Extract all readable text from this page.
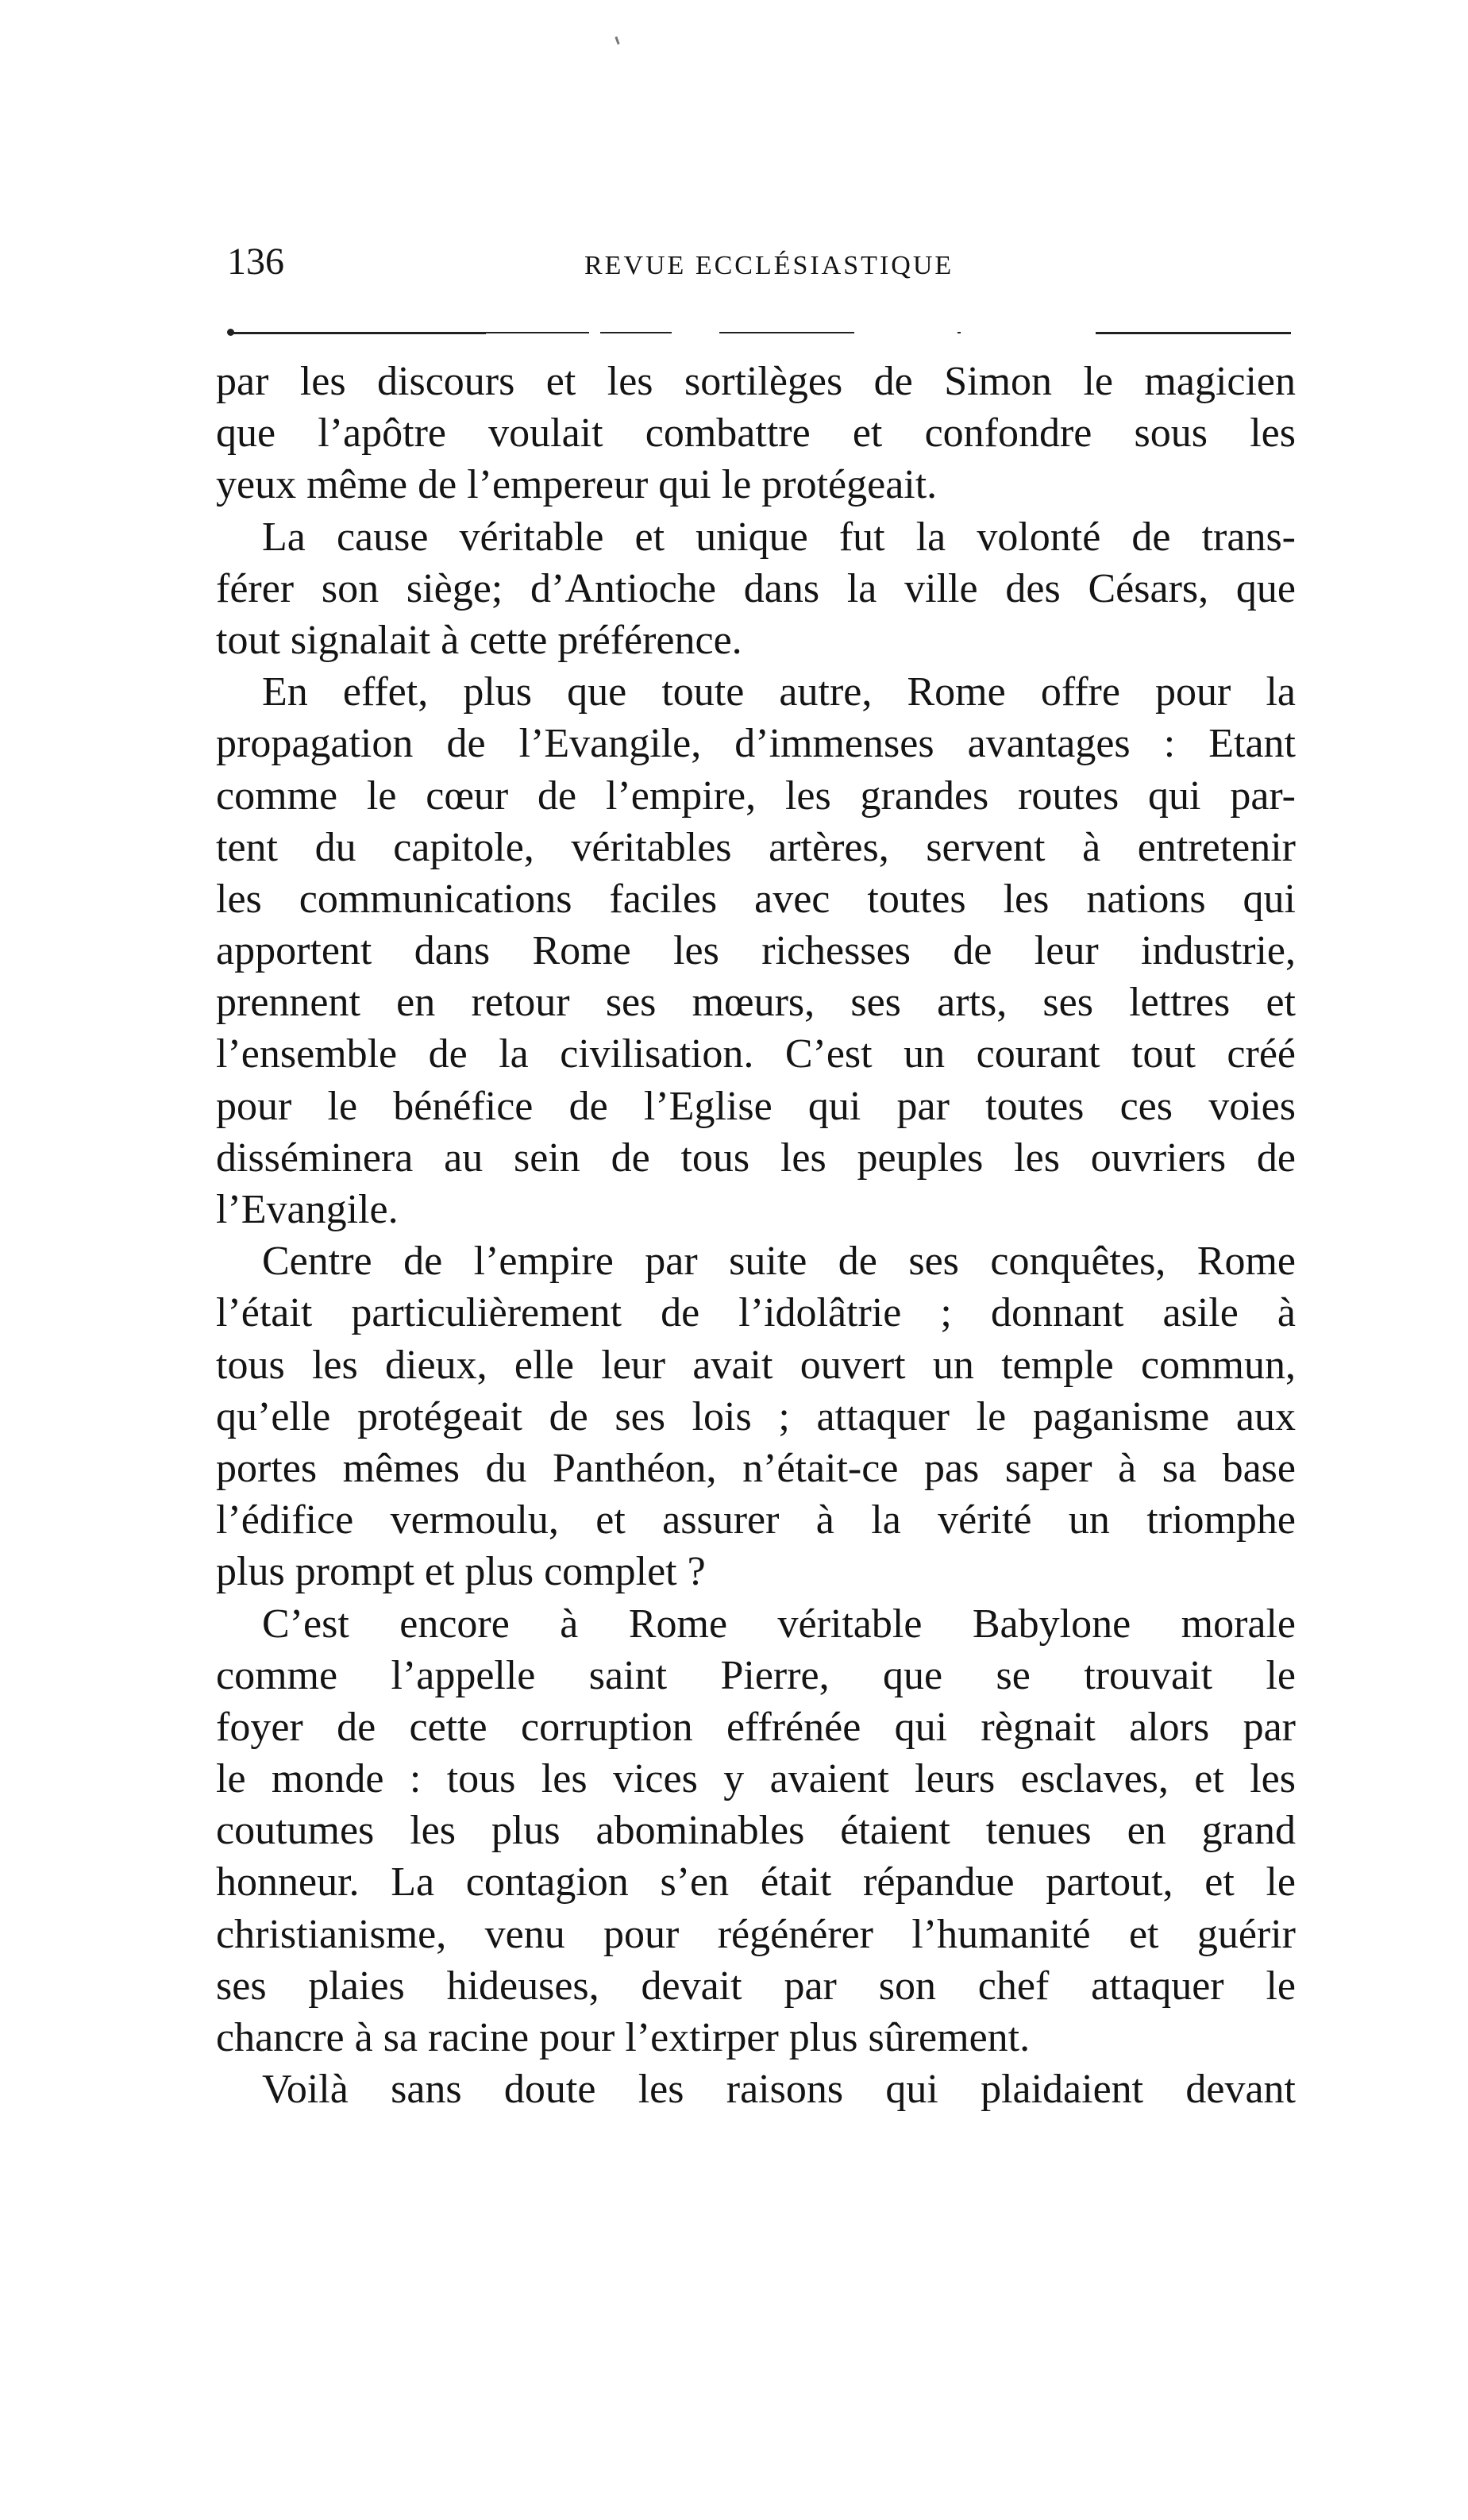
136	REVUE ECCLÉSIASTIQUE
par les discours et les sortilèges de Simon le magicien
que l’apôtre voulait combattre et confondre sous les
yeux même de l’empereur qui le protégeait.
La cause véritable et unique fut la volonté de trans-
férer son siège; d’Antioche dans la ville des Césars, que
tout signalait à cette préférence.
En effet, plus que toute autre, Rome offre pour la
propagation de l’Evangile, d’immenses avantages : Etant
comme le cœur de l’empire, les grandes routes qui par-
tent du capitole, véritables artères, servent à entretenir
les communications faciles avec toutes les nations qui
apportent dans Rome les richesses de leur industrie,
prennent en retour ses mœurs, ses arts, ses lettres et
l’ensemble de la civilisation. C’est un courant tout créé
pour le bénéfice de l’Eglise qui par toutes ces voies
disséminera au sein de tous les peuples les ouvriers de
l’Evangile.
Centre de l’empire par suite de ses conquêtes, Rome
l’était particulièrement de l’idolâtrie ; donnant asile à
tous les dieux, elle leur avait ouvert un temple commun,
qu’elle protégeait de ses lois ; attaquer le paganisme aux
portes mêmes du Panthéon, n’était-ce pas saper à sa base
l’édifice vermoulu, et assurer à la vérité un triomphe
plus prompt et plus complet ?
C’est encore à Rome véritable Babylone morale
comme l’appelle saint Pierre, que se trouvait le
foyer de cette corruption effrénée qui règnait alors par
le monde : tous les vices y avaient leurs esclaves, et les
coutumes les plus abominables étaient tenues en grand
honneur. La contagion s’en était répandue partout, et le
christianisme, venu pour régénérer l’humanité et guérir
ses plaies hideuses, devait par son chef attaquer le
chancre à sa racine pour l’extirper plus sûrement.
Voilà sans doute les raisons qui plaidaient devant
